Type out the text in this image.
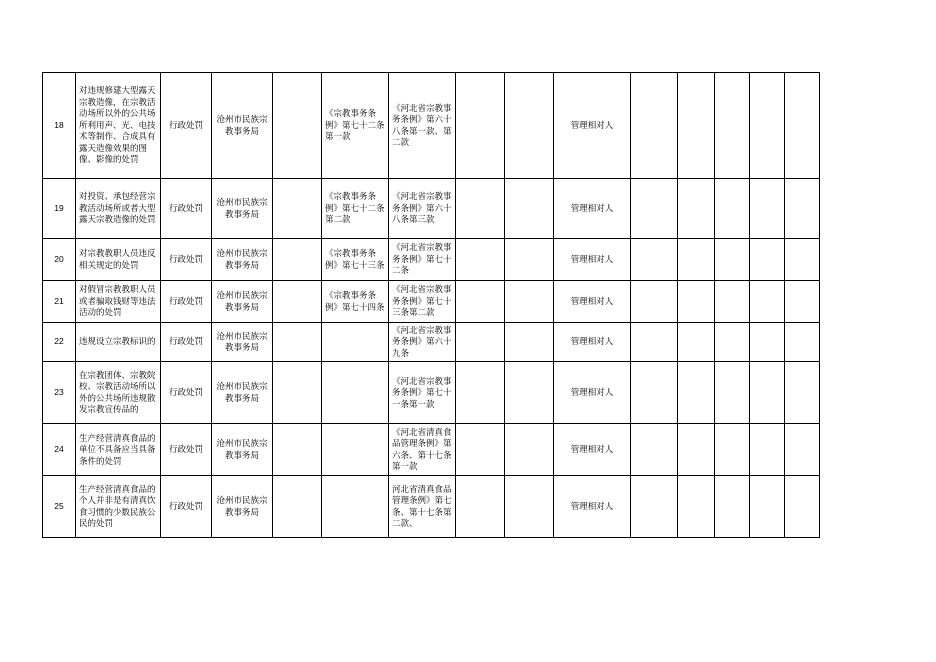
18	对违规修建大型露天宗教造像，在宗教活动场所以外的公共场所利用声、光、电技术等制作、合成具有露天造像效果的图像、影像的处罚	行政处罚	沧州市民族宗教事务局		《宗教事务条例》第七十二条第一款	《河北省宗教事务条例》第六十八条第一款、第二款			管理相对人					
19	对投资、承包经营宗教活动场所或者大型露天宗教造像的处罚	行政处罚	沧州市民族宗教事务局		《宗教事务条例》第七十二条第二款	《河北省宗教事务条例》第六十八条第三款			管理相对人					
20	对宗教教职人员违反相关规定的处罚	行政处罚	沧州市民族宗教事务局		《宗教事务条例》第七十三条	《河北省宗教事务条例》第七十二条			管理相对人					
21	对假冒宗教教职人员或者骗取钱财等违法活动的处罚	行政处罚	沧州市民族宗教事务局		《宗教事务条例》第七十四条	《河北省宗教事务条例》第七十三条第二款			管理相对人					
22	违规设立宗教标识的	行政处罚	沧州市民族宗教事务局			《河北省宗教事务条例》第六十九条			管理相对人					
23	在宗教团体、宗教院校、宗教活动场所以外的公共场所违规散发宗教宣传品的	行政处罚	沧州市民族宗教事务局			《河北省宗教事务条例》第七十一条第一款			管理相对人					
24	生产经营清真食品的单位不具备应当具备条件的处罚	行政处罚	沧州市民族宗教事务局			《河北省清真食品管理条例》第六条、第十七条第一款			管理相对人					
25	生产经营清真食品的个人并非是有清真饮食习惯的少数民族公民的处罚	行政处罚	沧州市民族宗教事务局			河北省清真食品管理条例》第七条、第十七条第二款、			管理相对人					
